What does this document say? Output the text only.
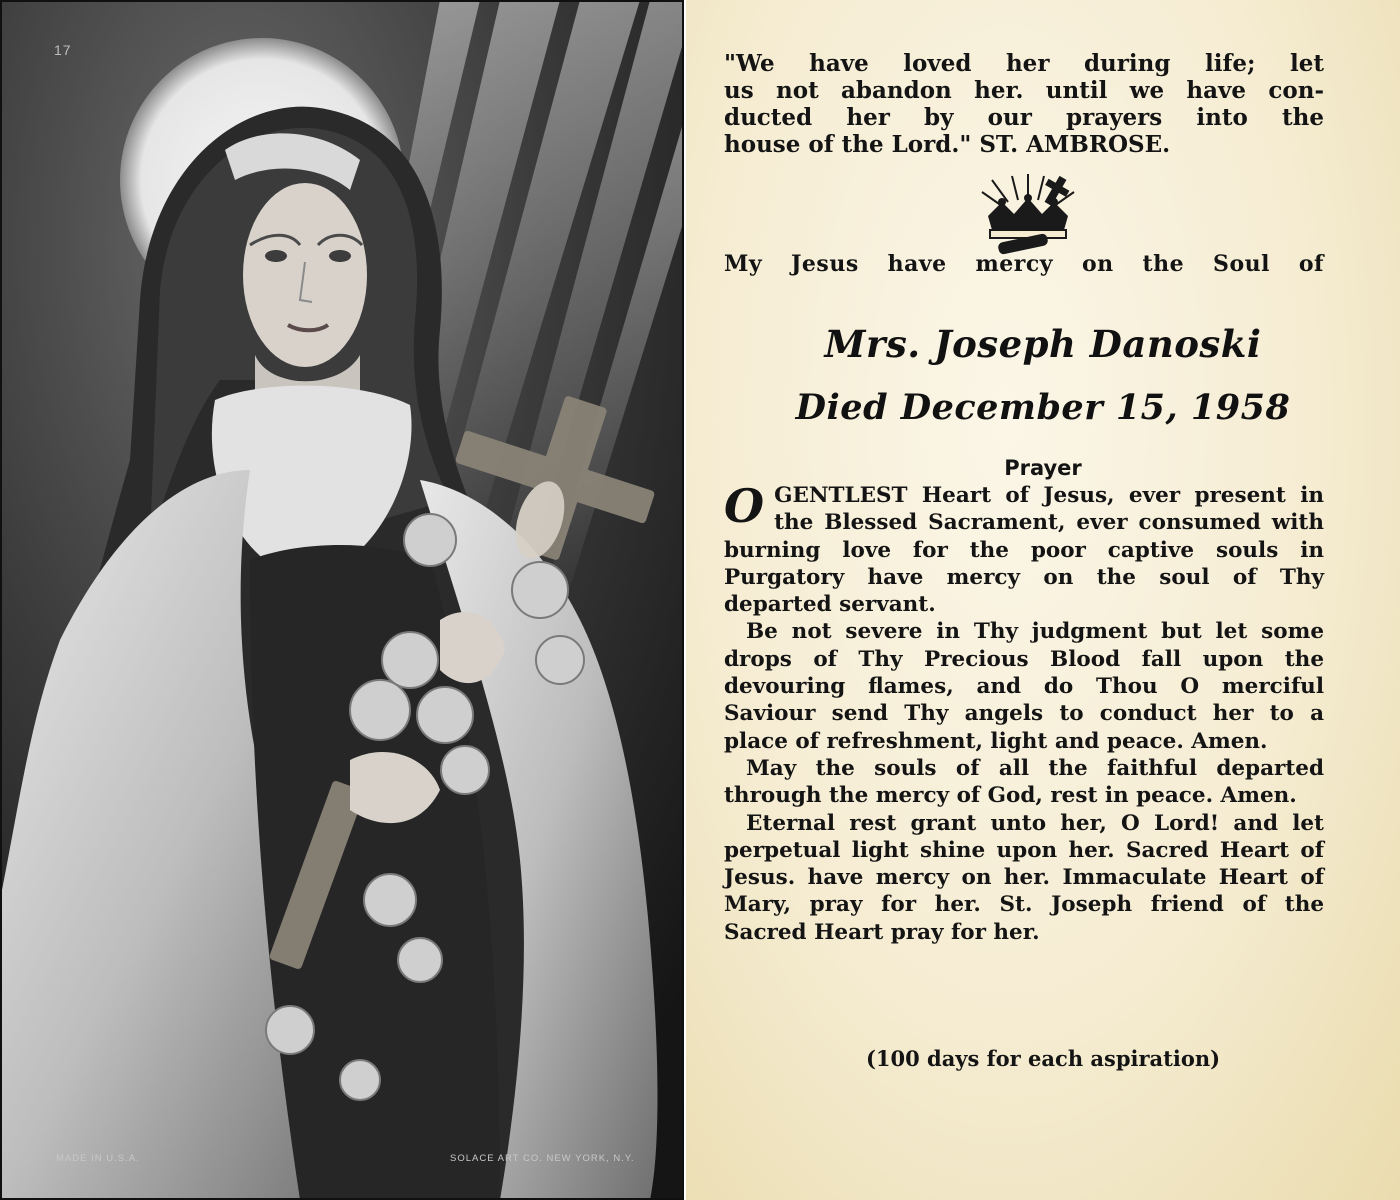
17
MADE IN U.S.A.	SOLACE ART CO. NEW YORK, N.Y.
"We have loved her during life; let
us not abandon her. until we have con-
ducted her by our prayers into the
house of the Lord." ST. AMBROSE.
My Jesus have mercy on the Soul of
Mrs. Joseph Danoski
Died December 15, 1958
Prayer

O GENTLEST Heart of Jesus, ever present in the Blessed Sacrament, ever consumed with burning love for the poor captive souls in Purgatory have mercy on the soul of Thy departed servant.

Be not severe in Thy judgment but let some drops of Thy Precious Blood fall upon the devouring flames, and do Thou O merciful Saviour send Thy angels to conduct her to a place of refreshment, light and peace. Amen.

May the souls of all the faithful departed through the mercy of God, rest in peace. Amen.

Eternal rest grant unto her, O Lord! and let perpetual light shine upon her. Sacred Heart of Jesus. have mercy on her. Immaculate Heart of Mary, pray for her. St. Joseph friend of the Sacred Heart pray for her.

(100 days for each aspiration)
